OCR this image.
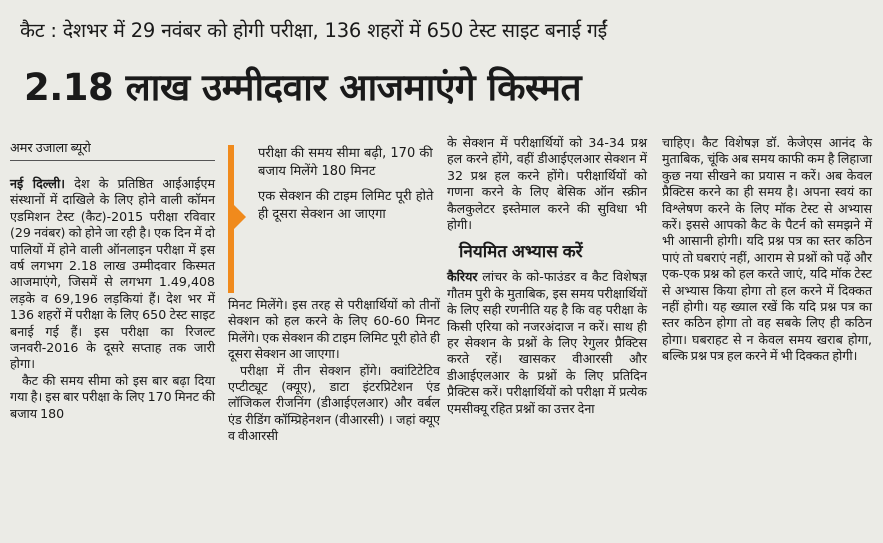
कैट : देशभर में 29 नवंबर को होगी परीक्षा, 136 शहरों में 650 टेस्ट साइट बनाई गईं
2.18 लाख उम्मीदवार आजमाएंगे किस्मत

अमर उजाला ब्यूरो

नई दिल्ली। देश के प्रतिष्ठित आईआईएम संस्थानों में दाखिले के लिए होने वाली कॉमन एडमिशन टेस्ट (कैट)-2015 परीक्षा रविवार (29 नवंबर) को होने जा रही है। एक दिन में दो पालियों में होने वाली ऑनलाइन परीक्षा में इस वर्ष लगभग 2.18 लाख उम्मीदवार किस्मत आजमाएंगे, जिसमें से लगभग 1.49,408 लड़के व 69,196 लड़कियां हैं। देश भर में 136 शहरों में परीक्षा के लिए 650 टेस्ट साइट बनाई गई हैं। इस परीक्षा का रिजल्ट जनवरी-2016 के दूसरे सप्ताह तक जारी होगा।

कैट की समय सीमा को इस बार बढ़ा दिया गया है। इस बार परीक्षा के लिए 170 मिनट की बजाय 180

परीक्षा की समय सीमा बढ़ी, 170 की बजाय मिलेंगे 180 मिनट

एक सेक्शन की टाइम लिमिट पूरी होते ही दूसरा सेक्शन आ जाएगा

मिनट मिलेंगे। इस तरह से परीक्षार्थियों को तीनों सेक्शन को हल करने के लिए 60-60 मिनट मिलेंगे। एक सेक्शन की टाइम लिमिट पूरी होते ही दूसरा सेक्शन आ जाएगा।

परीक्षा में तीन सेक्शन होंगे। क्वांटिटेटिव एप्टीट्यूट (क्यूए), डाटा इंटरप्रिटेशन एंड लॉजिकल रीजनिंग (डीआईएलआर) और वर्बल एंड रीडिंग कॉम्प्रिहेनशन (वीआरसी) । जहां क्यूए व वीआरसी

के सेक्शन में परीक्षार्थियों को 34-34 प्रश्न हल करने होंगे, वहीं डीआईएलआर सेक्शन में 32 प्रश्न हल करने होंगे। परीक्षार्थियों को गणना करने के लिए बेसिक ऑन स्क्रीन कैलकुलेटर इस्तेमाल करने की सुविधा भी होगी।

नियमित अभ्यास करें

कैरियर लांचर के को-फाउंडर व कैट विशेषज्ञ गौतम पुरी के मुताबिक, इस समय परीक्षार्थियों के लिए सही रणनीति यह है कि वह परीक्षा के किसी एरिया को नजरअंदाज न करें। साथ ही हर सेक्शन के प्रश्नों के लिए रेगुलर प्रैक्टिस करते रहें। खासकर वीआरसी और डीआईएलआर के प्रश्नों के लिए प्रतिदिन प्रैक्टिस करें। परीक्षार्थियों को परीक्षा में प्रत्येक एमसीक्यू रहित प्रश्नों का उत्तर देना

चाहिए। कैट विशेषज्ञ डॉ. केजेएस आनंद के मुताबिक, चूंकि अब समय काफी कम है लिहाजा कुछ नया सीखने का प्रयास न करें। अब केवल प्रैक्टिस करने का ही समय है। अपना स्वयं का विश्लेषण करने के लिए मॉक टेस्ट से अभ्यास करें। इससे आपको कैट के पैटर्न को समझने में भी आसानी होगी। यदि प्रश्न पत्र का स्तर कठिन पाएं तो घबराएं नहीं, आराम से प्रश्नों को पढ़ें और एक-एक प्रश्न को हल करते जाएं, यदि मॉक टेस्ट से अभ्यास किया होगा तो हल करने में दिक्कत नहीं होगी। यह ख्याल रखें कि यदि प्रश्न पत्र का स्तर कठिन होगा तो वह सबके लिए ही कठिन होगा। घबराहट से न केवल समय खराब होगा, बल्कि प्रश्न पत्र हल करने में भी दिक्कत होगी।
